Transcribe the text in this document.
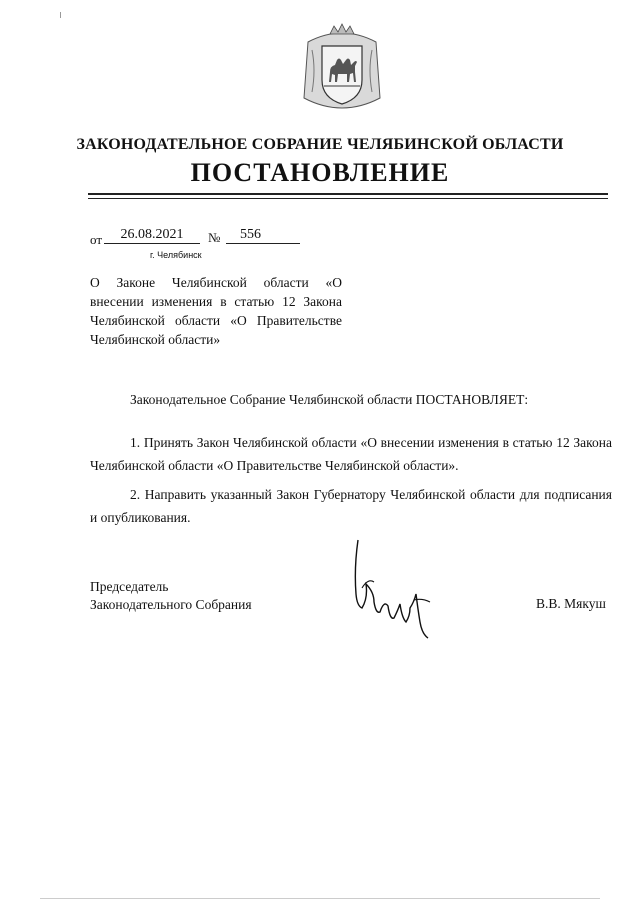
ЗАКОНОДАТЕЛЬНОЕ СОБРАНИЕ ЧЕЛЯБИНСКОЙ ОБЛАСТИ
ПОСТАНОВЛЕНИЕ
от	26.08.2021	№	556
г. Челябинск
О Законе Челябинской области «О внесении изменения в статью 12 Закона Челябинской области «О Правительстве Челябинской области»
Законодательное Собрание Челябинской области ПОСТАНОВЛЯЕТ:
1. Принять Закон Челябинской области «О внесении изменения в статью 12 Закона Челябинской области «О Правительстве Челябинской области».
2. Направить указанный Закон Губернатору Челябинской области для подписания и опубликования.
Председатель
Законодательного Собрания	В.В. Мякуш
